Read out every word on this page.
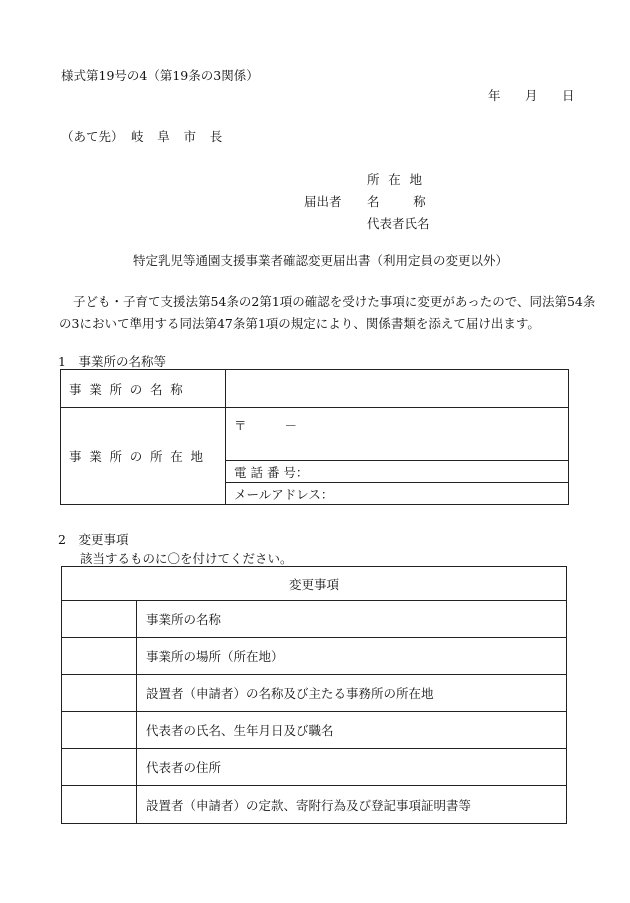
様式第19号の4（第19条の3関係）
年 月 日
（あて先） 岐阜市長
届出者
所在地
名称
代表者氏名
特定乳児等通園支援事業者確認変更届出書（利用定員の変更以外）
子ども・子育て支援法第54条の2第1項の確認を受けた事項に変更があったので、同法第54条
の3において準用する同法第47条第1項の規定により、関係書類を添えて届け出ます。
1　事業所の名称等
事業所の名称	
事業所の所在地	〒 －
	電 話 番 号：
	メールアドレス：
2　変更事項
該当するものに〇を付けてください。
変更事項	
	事業所の名称
	事業所の場所（所在地）
	設置者（申請者）の名称及び主たる事務所の所在地
	代表者の氏名、生年月日及び職名
	代表者の住所
	設置者（申請者）の定款、寄附行為及び登記事項証明書等
